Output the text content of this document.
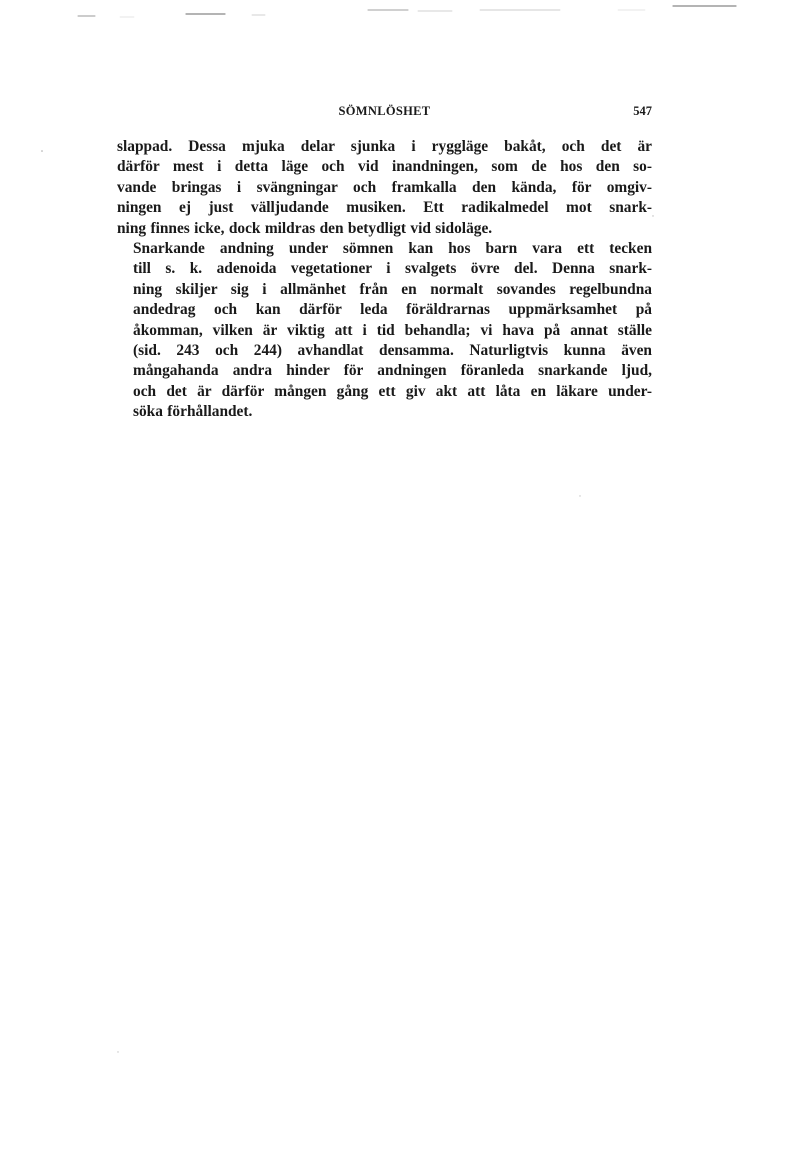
SÖMNLÖSHET	547

slappad. Dessa mjuka delar sjunka i ryggläge bakåt, och det är
därför mest i detta läge och vid inandningen, som de hos den so-
vande bringas i svängningar och framkalla den kända, för omgiv-
ningen ej just välljudande musiken. Ett radikalmedel mot snark-
ning finnes icke, dock mildras den betydligt vid sidoläge.

Snarkande andning under sömnen kan hos barn vara ett tecken
till s. k. adenoida vegetationer i svalgets övre del. Denna snark-
ning skiljer sig i allmänhet från en normalt sovandes regelbundna
andedrag och kan därför leda föräldrarnas uppmärksamhet på
åkomman, vilken är viktig att i tid behandla; vi hava på annat ställe
(sid. 243 och 244) avhandlat densamma. Naturligtvis kunna även
mångahanda andra hinder för andningen föranleda snarkande ljud,
och det är därför mången gång ett giv akt att låta en läkare under-
söka förhållandet.
